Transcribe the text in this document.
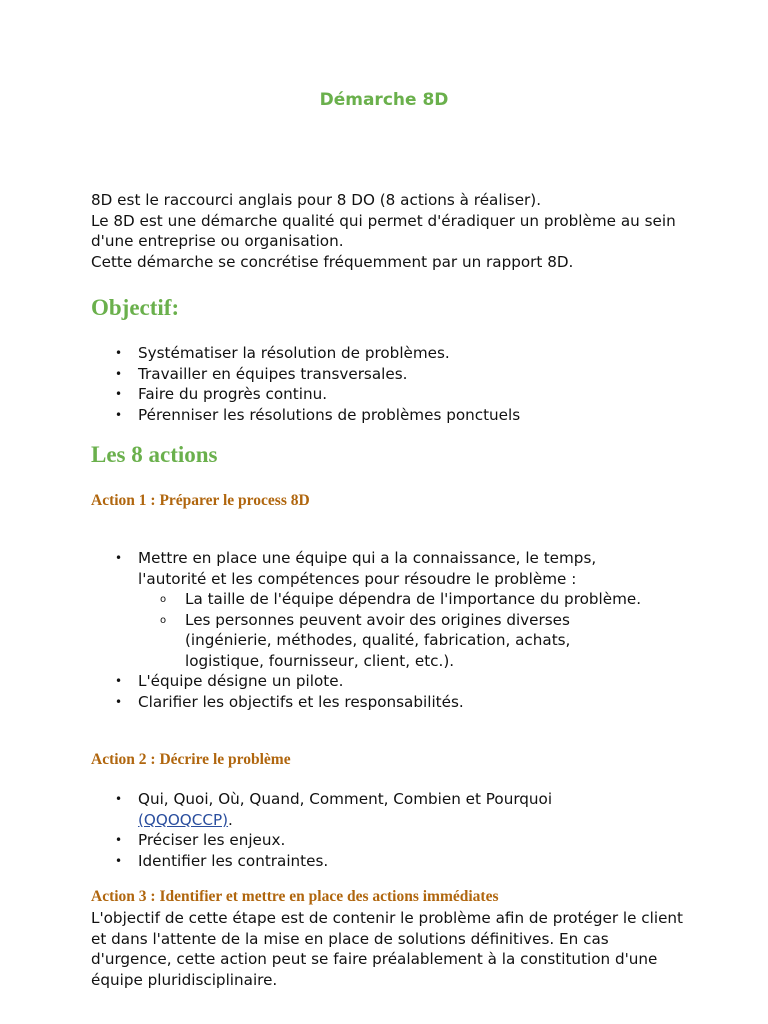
Démarche 8D

8D est le raccourci anglais pour 8 DO (8 actions à réaliser).

Le 8D est une démarche qualité qui permet d'éradiquer un problème au sein d'une entreprise ou organisation.

Cette démarche se concrétise fréquemment par un rapport 8D.

Objectif:
• Systématiser la résolution de problèmes.
• Travailler en équipes transversales.
• Faire du progrès continu.
• Pérenniser les résolutions de problèmes ponctuels
Les 8 actions
Action 1 : Préparer le process 8D
• Mettre en place une équipe qui a la connaissance, le temps, l'autorité et les compétences pour résoudre le problème :
o La taille de l'équipe dépendra de l'importance du problème.
o Les personnes peuvent avoir des origines diverses (ingénierie, méthodes, qualité, fabrication, achats, logistique, fournisseur, client, etc.).
• L'équipe désigne un pilote.
• Clarifier les objectifs et les responsabilités.
Action 2 : Décrire le problème
• Qui, Quoi, Où, Quand, Comment, Combien et Pourquoi (QQOQCCP).
• Préciser les enjeux.
• Identifier les contraintes.
Action 3 : Identifier et mettre en place des actions immédiates

L'objectif de cette étape est de contenir le problème afin de protéger le client et dans l'attente de la mise en place de solutions définitives. En cas d'urgence, cette action peut se faire préalablement à la constitution d'une équipe pluridisciplinaire.
